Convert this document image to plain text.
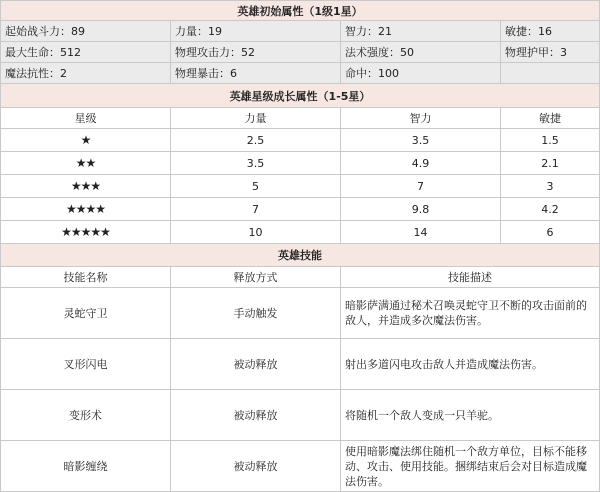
英雄初始属性（1级1星）			
起始战斗力：89	力量：19	智力：21	敏捷：16
最大生命：512	物理攻击力：52	法术强度：50	物理护甲：3
魔法抗性：2	物理暴击：6	命中：100	
英雄星级成长属性（1-5星）			
星级	力量	智力	敏捷
★	2.5	3.5	1.5
★★	3.5	4.9	2.1
★★★	5	7	3
★★★★	7	9.8	4.2
★★★★★	10	14	6
英雄技能			
技能名称	释放方式	技能描述	
灵蛇守卫	手动触发	暗影萨满通过秘术召唤灵蛇守卫不断的攻击面前的敌人，并造成多次魔法伤害。	
叉形闪电	被动释放	射出多道闪电攻击敌人并造成魔法伤害。	
变形术	被动释放	将随机一个敌人变成一只羊驼。	
暗影缠绕	被动释放	使用暗影魔法绑住随机一个敌方单位，目标不能移动、攻击、使用技能。捆绑结束后会对目标造成魔法伤害。	
